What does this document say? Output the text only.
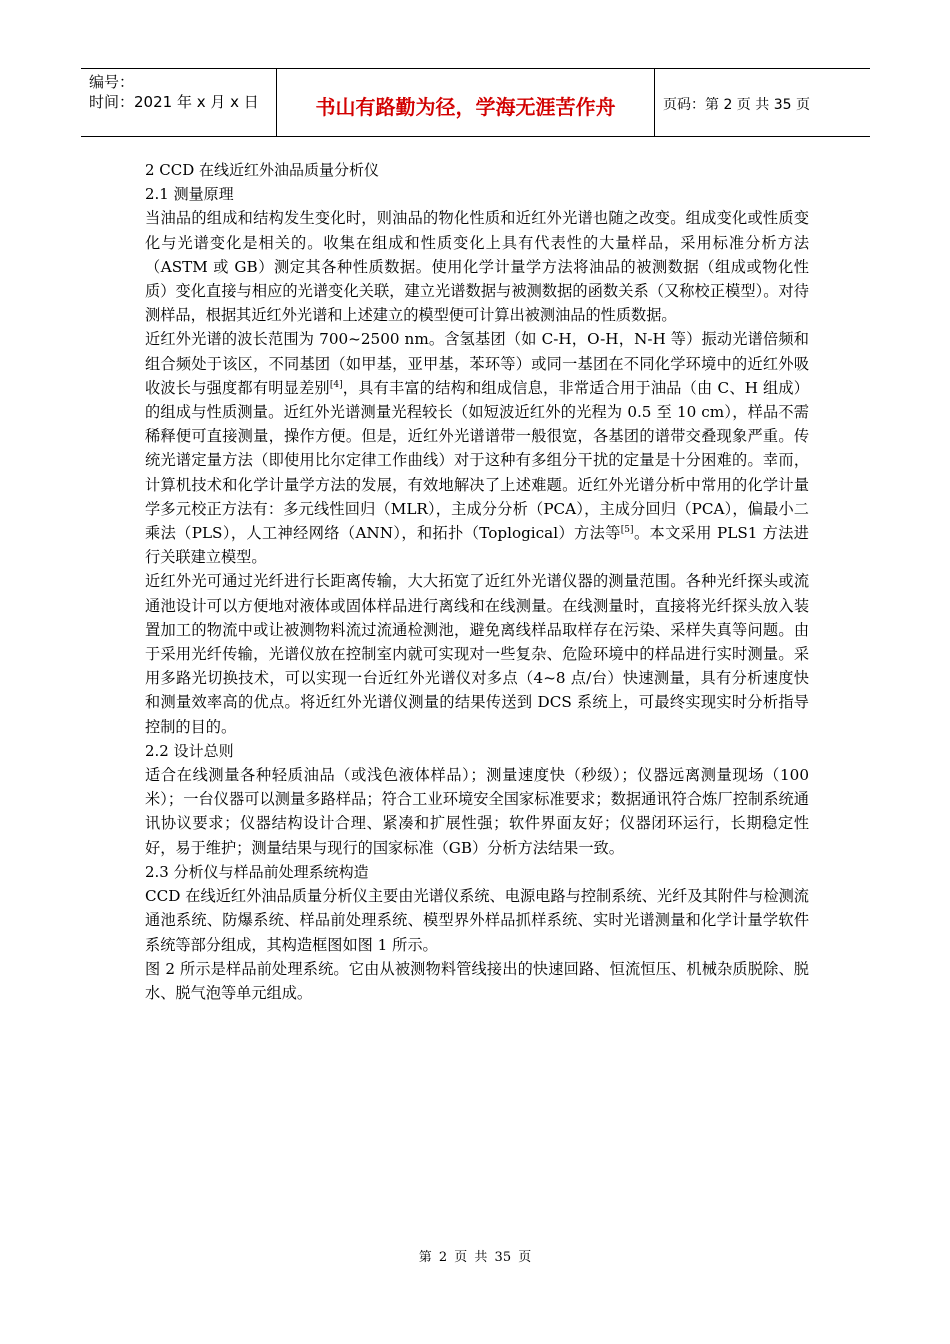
编号：
时间：2021 年 x 月 x 日	书山有路勤为径，学海无涯苦作舟	页码：第 2 页 共 35 页

2 CCD 在线近红外油品质量分析仪

2.1 测量原理

当油品的组成和结构发生变化时，则油品的物化性质和近红外光谱也随之改变。组成变化或性质变化与光谱变化是相关的。收集在组成和性质变化上具有代表性的大量样品，采用标准分析方法（ASTM 或 GB）测定其各种性质数据。使用化学计量学方法将油品的被测数据（组成或物化性质）变化直接与相应的光谱变化关联，建立光谱数据与被测数据的函数关系（又称校正模型）。对待测样品，根据其近红外光谱和上述建立的模型便可计算出被测油品的性质数据。

近红外光谱的波长范围为 700~2500 nm。含氢基团（如 C-H，O-H，N-H 等）振动光谱倍频和组合频处于该区，不同基团（如甲基，亚甲基，苯环等）或同一基团在不同化学环境中的近红外吸收波长与强度都有明显差别[4]，具有丰富的结构和组成信息，非常适合用于油品（由 C、H 组成）的组成与性质测量。近红外光谱测量光程较长（如短波近红外的光程为 0.5 至 10 cm），样品不需稀释便可直接测量，操作方便。但是，近红外光谱谱带一般很宽，各基团的谱带交叠现象严重。传统光谱定量方法（即使用比尔定律工作曲线）对于这种有多组分干扰的定量是十分困难的。幸而，计算机技术和化学计量学方法的发展，有效地解决了上述难题。近红外光谱分析中常用的化学计量学多元校正方法有：多元线性回归（MLR），主成分分析（PCA），主成分回归（PCA），偏最小二乘法（PLS），人工神经网络（ANN），和拓扑（Toplogical）方法等[5]。本文采用 PLS1 方法进行关联建立模型。

近红外光可通过光纤进行长距离传输，大大拓宽了近红外光谱仪器的测量范围。各种光纤探头或流通池设计可以方便地对液体或固体样品进行离线和在线测量。在线测量时，直接将光纤探头放入装置加工的物流中或让被测物料流过流通检测池，避免离线样品取样存在污染、采样失真等问题。由于采用光纤传输，光谱仪放在控制室内就可实现对一些复杂、危险环境中的样品进行实时测量。采用多路光切换技术，可以实现一台近红外光谱仪对多点（4~8 点/台）快速测量，具有分析速度快和测量效率高的优点。将近红外光谱仪测量的结果传送到 DCS 系统上，可最终实现实时分析指导控制的目的。

2.2 设计总则

适合在线测量各种轻质油品（或浅色液体样品）；测量速度快（秒级）；仪器远离测量现场（100 米）；一台仪器可以测量多路样品；符合工业环境安全国家标准要求；数据通讯符合炼厂控制系统通讯协议要求；仪器结构设计合理、紧凑和扩展性强；软件界面友好；仪器闭环运行，长期稳定性好，易于维护；测量结果与现行的国家标准（GB）分析方法结果一致。

2.3 分析仪与样品前处理系统构造

CCD 在线近红外油品质量分析仪主要由光谱仪系统、电源电路与控制系统、光纤及其附件与检测流通池系统、防爆系统、样品前处理系统、模型界外样品抓样系统、实时光谱测量和化学计量学软件系统等部分组成，其构造框图如图 1 所示。

图 2 所示是样品前处理系统。它由从被测物料管线接出的快速回路、恒流恒压、机械杂质脱除、脱水、脱气泡等单元组成。

第 2 页 共 35 页
